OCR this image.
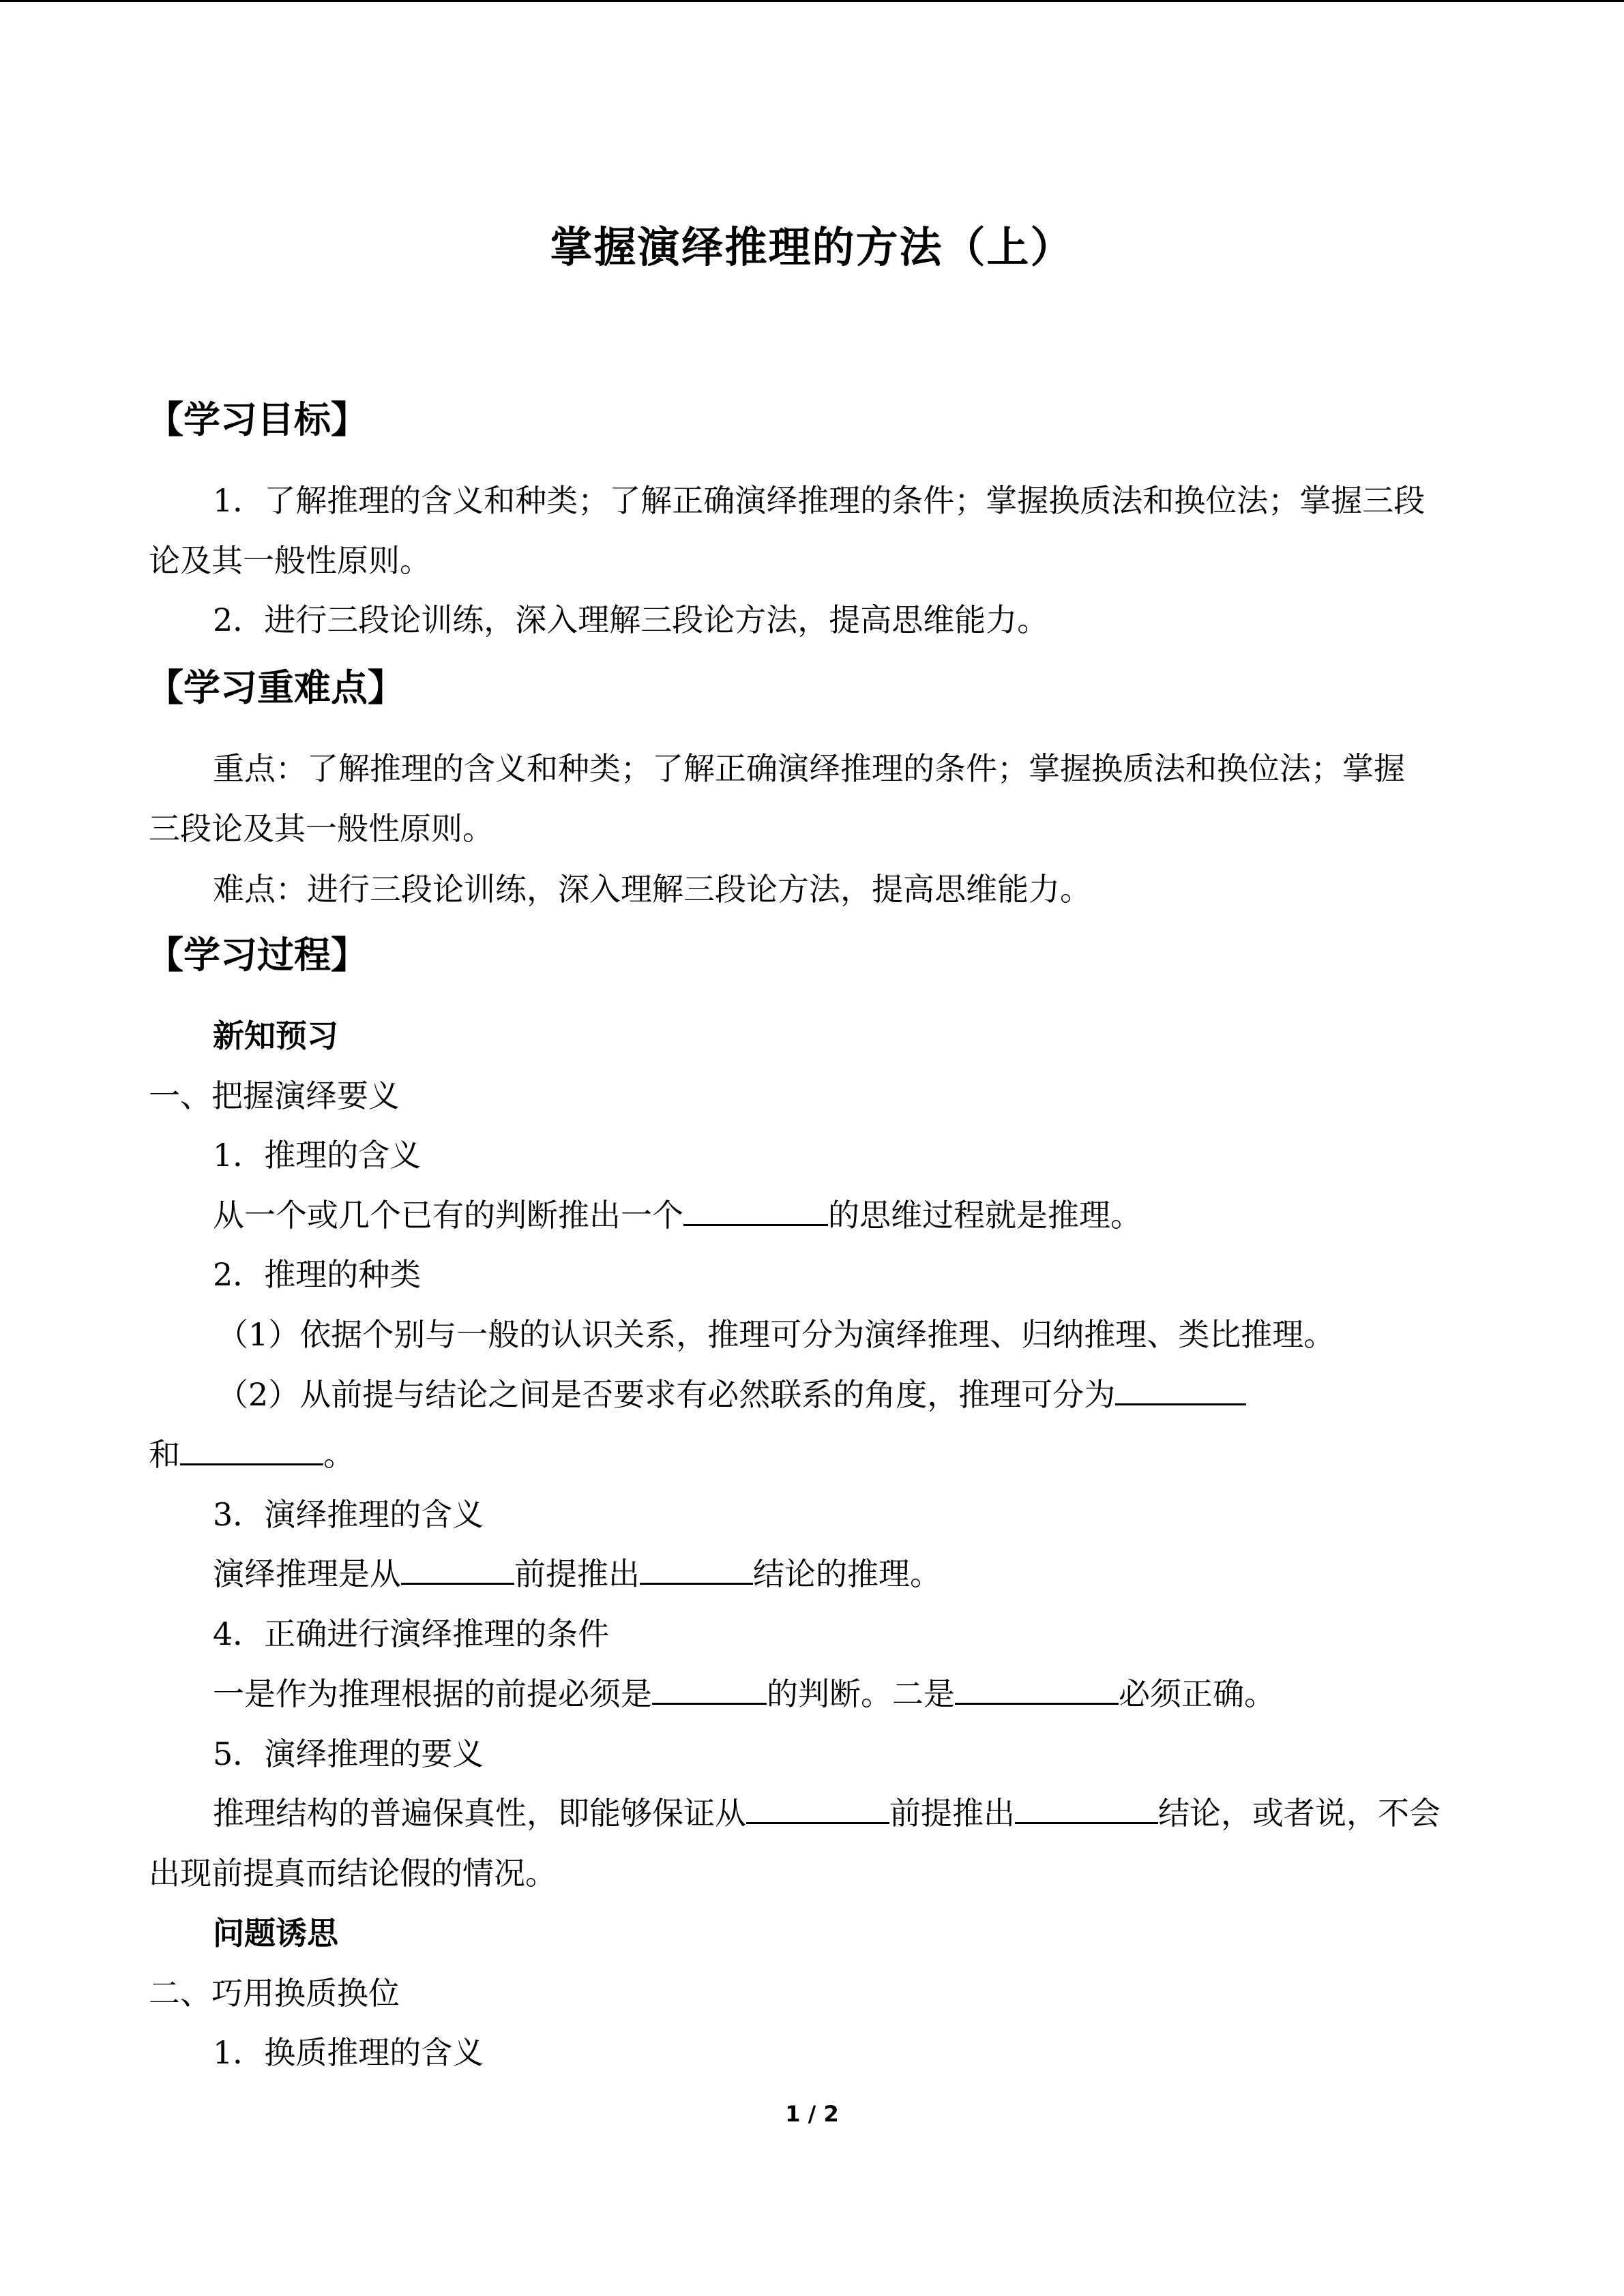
掌握演绎推理的方法（上）
【学习目标】
1．了解推理的含义和种类；了解正确演绎推理的条件；掌握换质法和换位法；掌握三段
论及其一般性原则。
2．进行三段论训练，深入理解三段论方法，提高思维能力。
【学习重难点】
重点：了解推理的含义和种类；了解正确演绎推理的条件；掌握换质法和换位法；掌握
三段论及其一般性原则。
难点：进行三段论训练，深入理解三段论方法，提高思维能力。
【学习过程】
新知预习
一、把握演绎要义
1．推理的含义
从一个或几个已有的判断推出一个	的思维过程就是推理。
2．推理的种类
（1）依据个别与一般的认识关系，推理可分为演绎推理、归纳推理、类比推理。
（2）从前提与结论之间是否要求有必然联系的角度，推理可分为
和	。
3．演绎推理的含义
演绎推理是从	前提推出	结论的推理。
4．正确进行演绎推理的条件
一是作为推理根据的前提必须是	的判断。二是	必须正确。
5．演绎推理的要义
推理结构的普遍保真性，即能够保证从	前提推出	结论，或者说，不会
出现前提真而结论假的情况。
问题诱思
二、巧用换质换位
1．换质推理的含义
1 / 2
